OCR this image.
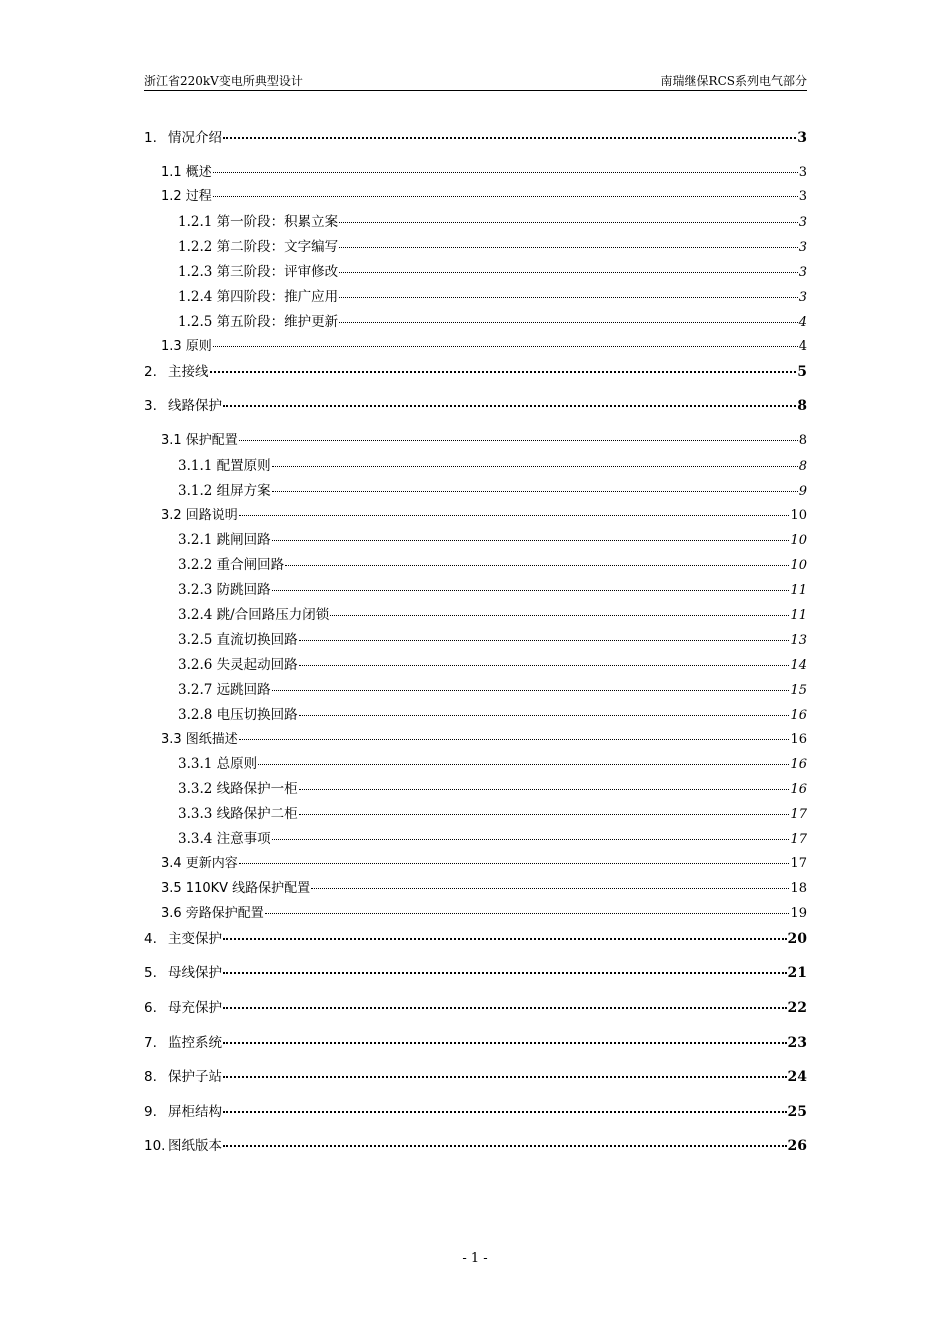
浙江省220kV变电所典型设计	南瑞继保RCS系列电气部分
1. 情况介绍	3
1.1 概述	3
1.2 过程	3
1.2.1 第一阶段：积累立案	3
1.2.2 第二阶段：文字编写	3
1.2.3 第三阶段：评审修改	3
1.2.4 第四阶段：推广应用	3
1.2.5 第五阶段：维护更新	4
1.3 原则	4
2. 主接线	5
3. 线路保护	8
3.1 保护配置	8
3.1.1 配置原则	8
3.1.2 组屏方案	9
3.2 回路说明	10
3.2.1 跳闸回路	10
3.2.2 重合闸回路	10
3.2.3 防跳回路	11
3.2.4 跳/合回路压力闭锁	11
3.2.5 直流切换回路	13
3.2.6 失灵起动回路	14
3.2.7 远跳回路	15
3.2.8 电压切换回路	16
3.3 图纸描述	16
3.3.1 总原则	16
3.3.2 线路保护一柜	16
3.3.3 线路保护二柜	17
3.3.4 注意事项	17
3.4 更新内容	17
3.5 110KV 线路保护配置	18
3.6 旁路保护配置	19
4. 主变保护	20
5. 母线保护	21
6. 母充保护	22
7. 监控系统	23
8. 保护子站	24
9. 屏柜结构	25
10. 图纸版本	26
- 1 -
